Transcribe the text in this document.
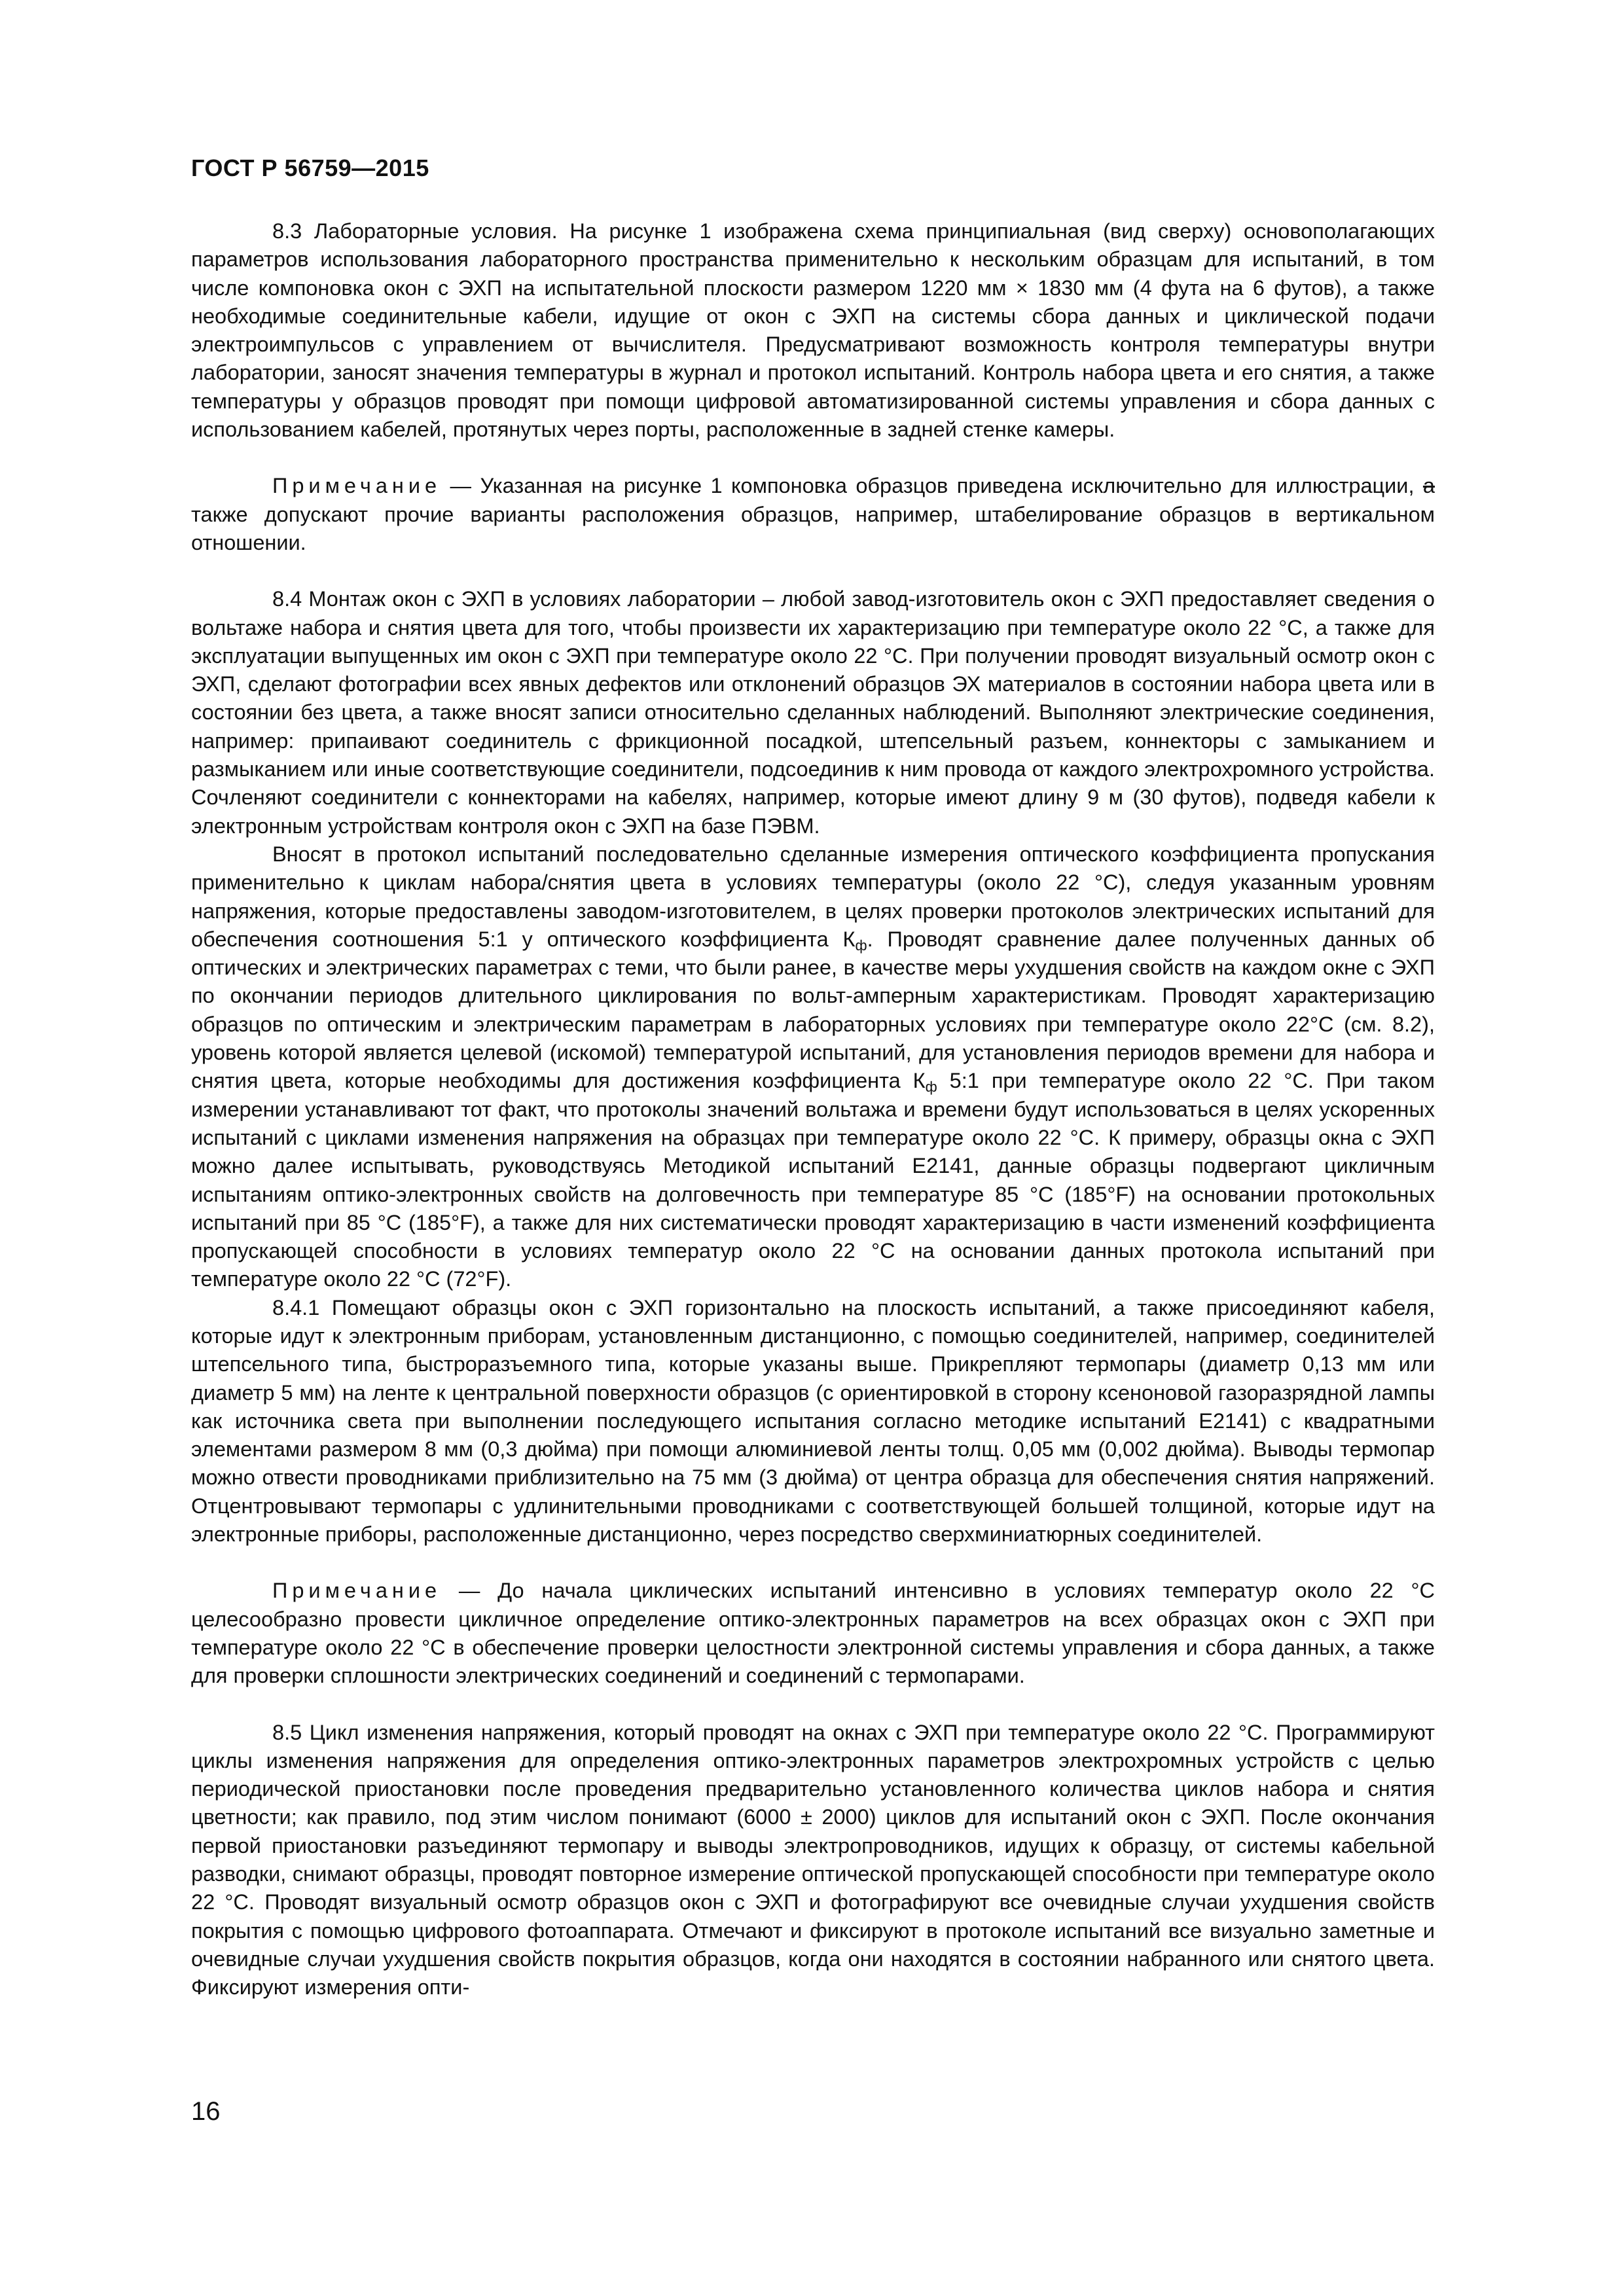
ГОСТ Р 56759—2015

8.3 Лабораторные условия. На рисунке 1 изображена схема принципиальная (вид сверху) основополагающих параметров использования лабораторного пространства применительно к нескольким образцам для испытаний, в том числе компоновка окон с ЭХП на испытательной плоскости размером 1220 мм × 1830 мм (4 фута на 6 футов), а также необходимые соединительные кабели, идущие от окон с ЭХП на системы сбора данных и циклической подачи электроимпульсов с управлением от вычислителя. Предусматривают возможность контроля температуры внутри лаборатории, заносят значения температуры в журнал и протокол испытаний. Контроль набора цвета и его снятия, а также температуры у образцов проводят при помощи цифровой автоматизированной системы управления и сбора данных с использованием кабелей, протянутых через порты, расположенные в задней стенке камеры.

Примечание — Указанная на рисунке 1 компоновка образцов приведена исключительно для иллюстрации, а также допускают прочие варианты расположения образцов, например, штабелирование образцов в вертикальном отношении.

8.4 Монтаж окон с ЭХП в условиях лаборатории – любой завод-изготовитель окон с ЭХП предоставляет сведения о вольтаже набора и снятия цвета для того, чтобы произвести их характеризацию при температуре около 22 °С, а также для эксплуатации выпущенных им окон с ЭХП при температуре около 22 °С. При получении проводят визуальный осмотр окон с ЭХП, сделают фотографии всех явных дефектов или отклонений образцов ЭХ материалов в состоянии набора цвета или в состоянии без цвета, а также вносят записи относительно сделанных наблюдений. Выполняют электрические соединения, например: припаивают соединитель с фрикционной посадкой, штепсельный разъем, коннекторы с замыканием и размыканием или иные соответствующие соединители, подсоединив к ним провода от каждого электрохромного устройства. Сочленяют соединители с коннекторами на кабелях, например, которые имеют длину 9 м (30 футов), подведя кабели к электронным устройствам контроля окон с ЭХП на базе ПЭВМ.

Вносят в протокол испытаний последовательно сделанные измерения оптического коэффициента пропускания применительно к циклам набора/снятия цвета в условиях температуры (около 22 °С), следуя указанным уровням напряжения, которые предоставлены заводом-изготовителем, в целях проверки протоколов электрических испытаний для обеспечения соотношения 5:1 у оптического коэффициента $К_ф$. Проводят сравнение далее полученных данных об оптических и электрических параметрах с теми, что были ранее, в качестве меры ухудшения свойств на каждом окне с ЭХП по окончании периодов длительного циклирования по вольт-амперным характеристикам. Проводят характеризацию образцов по оптическим и электрическим параметрам в лабораторных условиях при температуре около 22°С (см. 8.2), уровень которой является целевой (искомой) температурой испытаний, для установления периодов времени для набора и снятия цвета, которые необходимы для достижения коэффициента $К_ф$ 5:1 при температуре около 22 °С. При таком измерении устанавливают тот факт, что протоколы значений вольтажа и времени будут использоваться в целях ускоренных испытаний с циклами изменения напряжения на образцах при температуре около 22 °С. К примеру, образцы окна с ЭХП можно далее испытывать, руководствуясь Методикой испытаний Е2141, данные образцы подвергают цикличным испытаниям оптико-электронных свойств на долговечность при температуре 85 °С (185°F) на основании протокольных испытаний при 85 °С (185°F), а также для них систематически проводят характеризацию в части изменений коэффициента пропускающей способности в условиях температур около 22 °С на основании данных протокола испытаний при температуре около 22 °С (72°F).

8.4.1 Помещают образцы окон с ЭХП горизонтально на плоскость испытаний, а также присоединяют кабеля, которые идут к электронным приборам, установленным дистанционно, с помощью соединителей, например, соединителей штепсельного типа, быстроразъемного типа, которые указаны выше. Прикрепляют термопары (диаметр 0,13 мм или диаметр 5 мм) на ленте к центральной поверхности образцов (с ориентировкой в сторону ксеноновой газоразрядной лампы как источника света при выполнении последующего испытания согласно методике испытаний Е2141) с квадратными элементами размером 8 мм (0,3 дюйма) при помощи алюминиевой ленты толщ. 0,05 мм (0,002 дюйма). Выводы термопар можно отвести проводниками приблизительно на 75 мм (3 дюйма) от центра образца для обеспечения снятия напряжений. Отцентровывают термопары с удлинительными проводниками с соответствующей большей толщиной, которые идут на электронные приборы, расположенные дистанционно, через посредство сверхминиатюрных соединителей.

Примечание — До начала циклических испытаний интенсивно в условиях температур около 22 °С целесообразно провести цикличное определение оптико-электронных параметров на всех образцах окон с ЭХП при температуре около 22 °С в обеспечение проверки целостности электронной системы управления и сбора данных, а также для проверки сплошности электрических соединений и соединений с термопарами.

8.5 Цикл изменения напряжения, который проводят на окнах с ЭХП при температуре около 22 °С. Программируют циклы изменения напряжения для определения оптико-электронных параметров электрохромных устройств с целью периодической приостановки после проведения предварительно установленного количества циклов набора и снятия цветности; как правило, под этим числом понимают (6000 ± 2000) циклов для испытаний окон с ЭХП. После окончания первой приостановки разъединяют термопару и выводы электропроводников, идущих к образцу, от системы кабельной разводки, снимают образцы, проводят повторное измерение оптической пропускающей способности при температуре около 22 °С. Проводят визуальный осмотр образцов окон с ЭХП и фотографируют все очевидные случаи ухудшения свойств покрытия с помощью цифрового фотоаппарата. Отмечают и фиксируют в протоколе испытаний все визуально заметные и очевидные случаи ухудшения свойств покрытия образцов, когда они находятся в состоянии набранного или снятого цвета. Фиксируют измерения опти-

16
